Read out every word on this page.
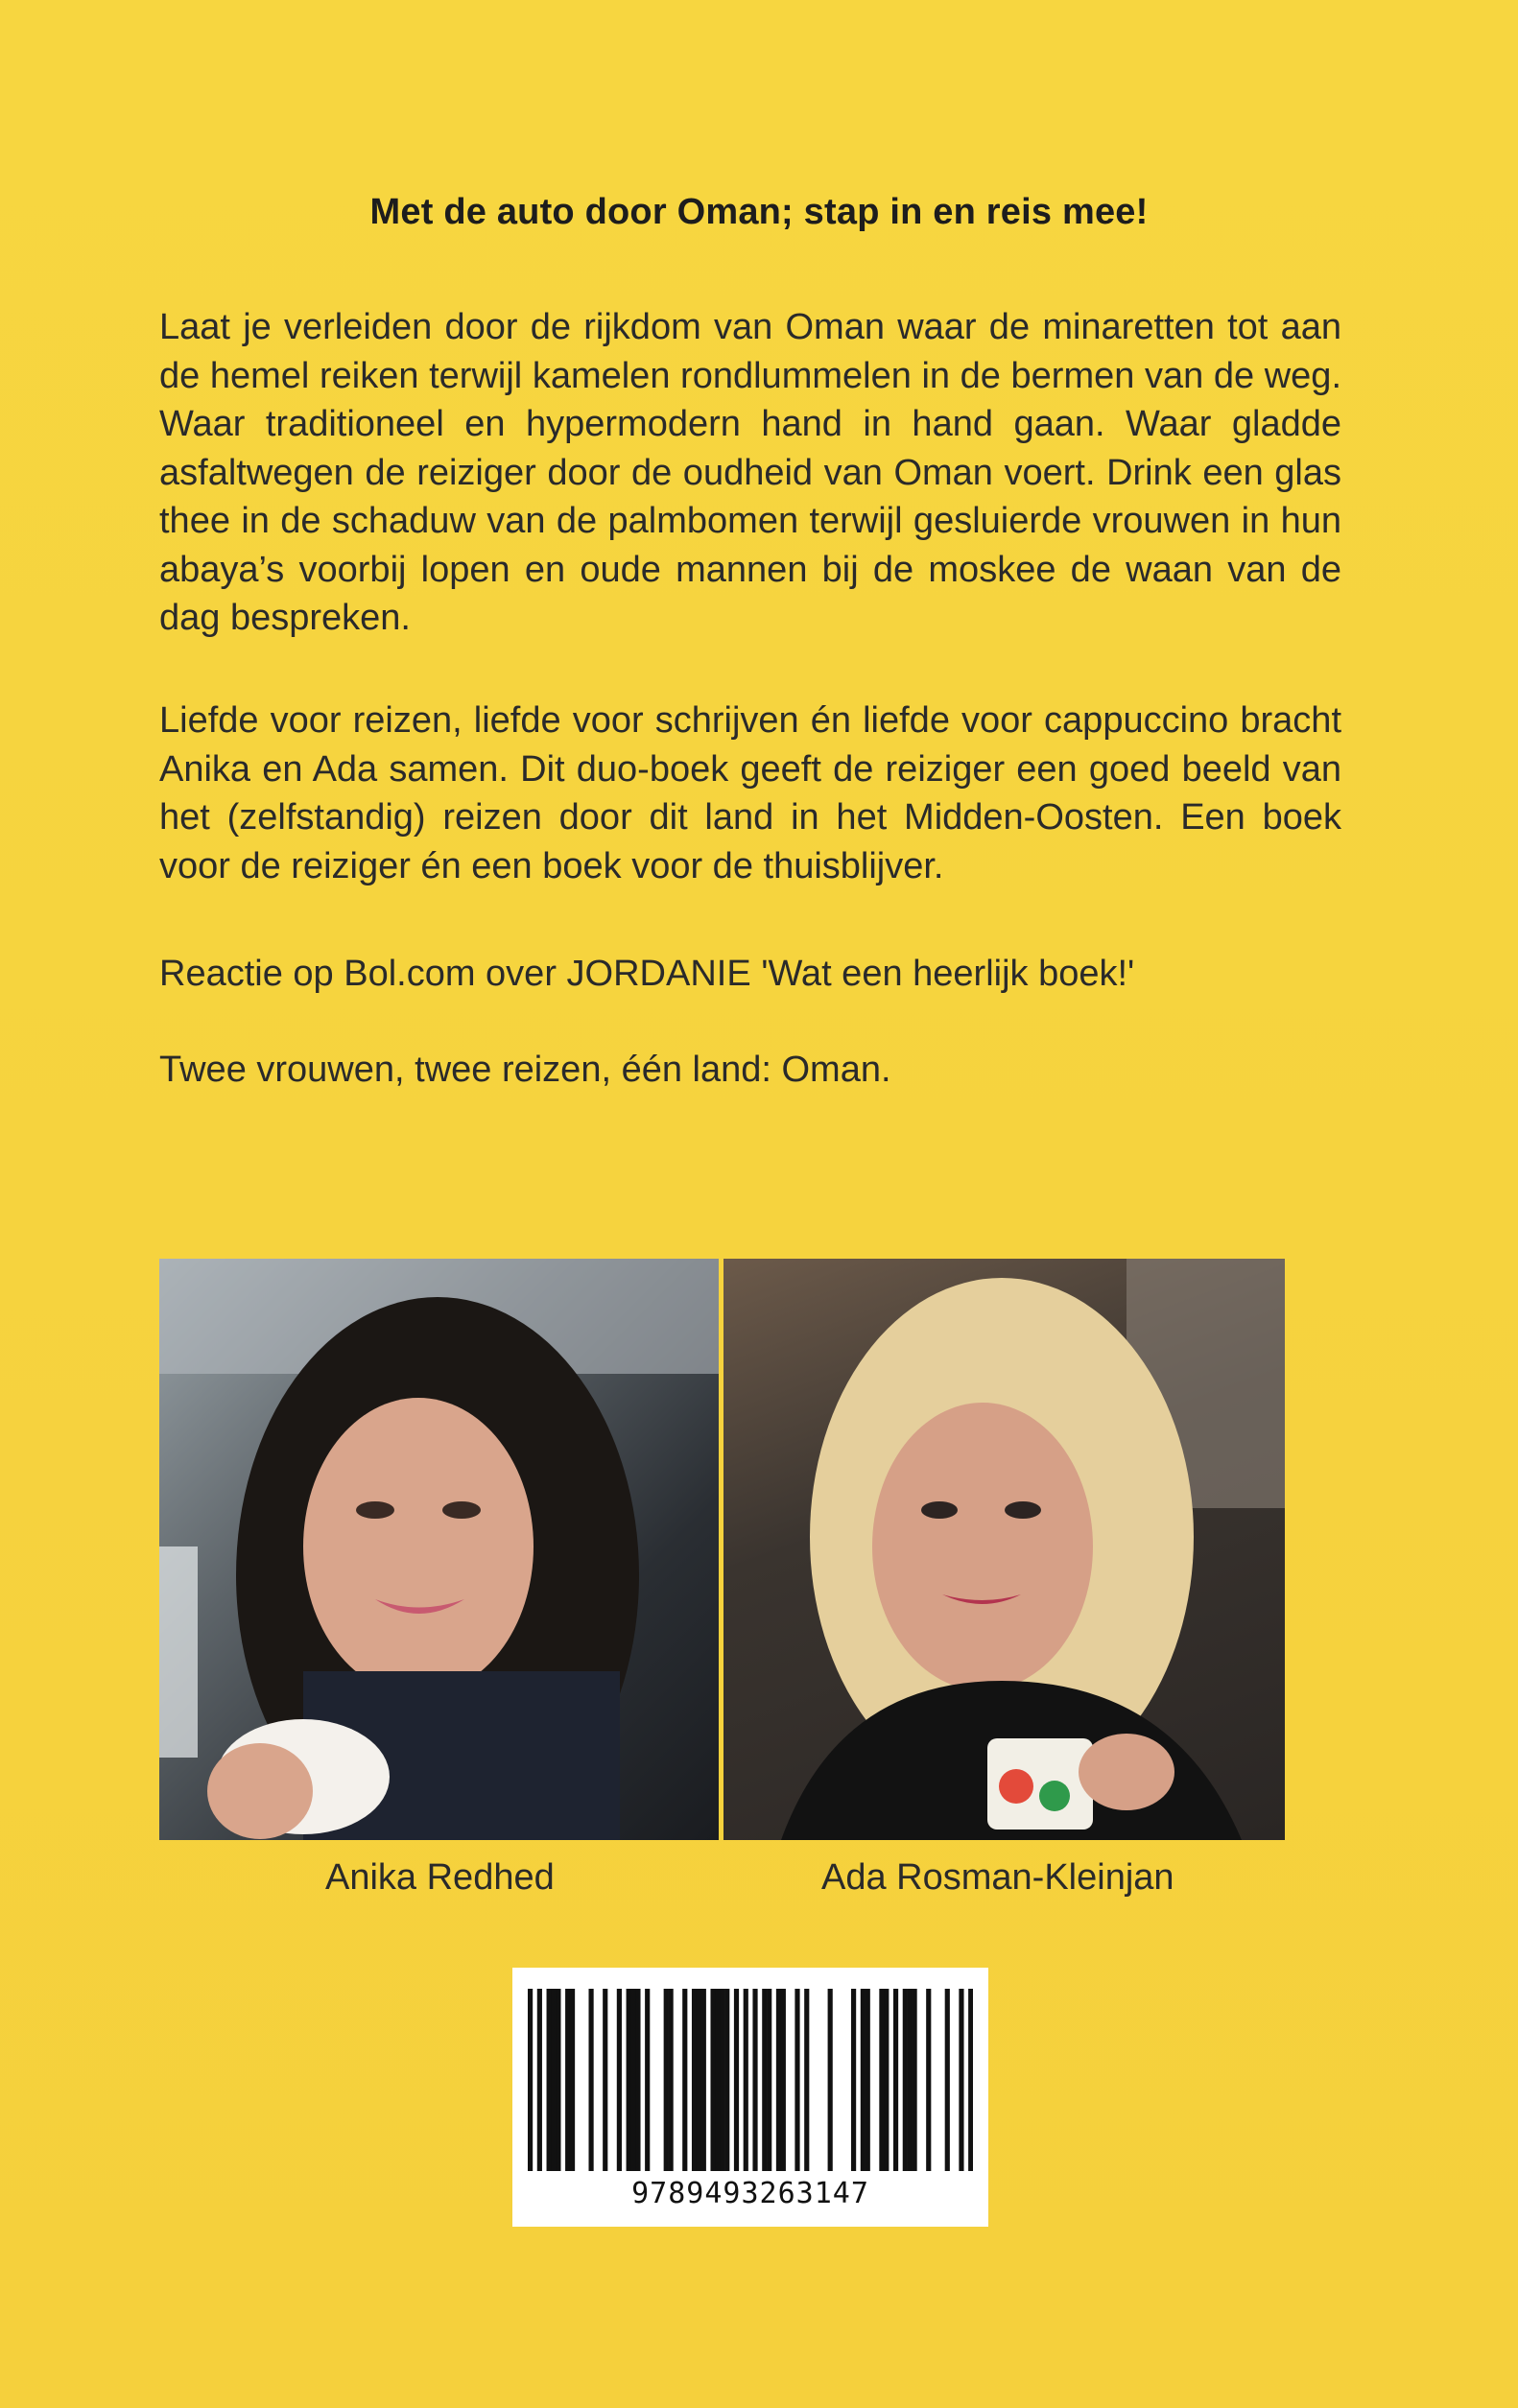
Met de auto door Oman; stap in en reis mee!
Laat je verleiden door de rijkdom van Oman waar de minaretten tot aan de hemel reiken terwijl kamelen rondlummelen in de bermen van de weg. Waar traditioneel en hypermodern hand in hand gaan. Waar gladde asfaltwegen de reiziger door de oudheid van Oman voert. Drink een glas thee in de schaduw van de palmbomen terwijl gesluierde vrouwen in hun abaya’s voorbij lopen en oude mannen bij de moskee de waan van de dag bespreken.
Liefde voor reizen, liefde voor schrijven én liefde voor cappuccino bracht Anika en Ada samen. Dit duo-boek geeft de reiziger een goed beeld van het (zelfstandig) reizen door dit land in het Midden-Oosten. Een boek voor de reiziger én een boek voor de thuisblijver.
Reactie op Bol.com over JORDANIE 'Wat een heerlijk boek!'
Twee vrouwen, twee reizen, één land: Oman.
Anika Redhed	Ada Rosman-Kleinjan
9789493263147
